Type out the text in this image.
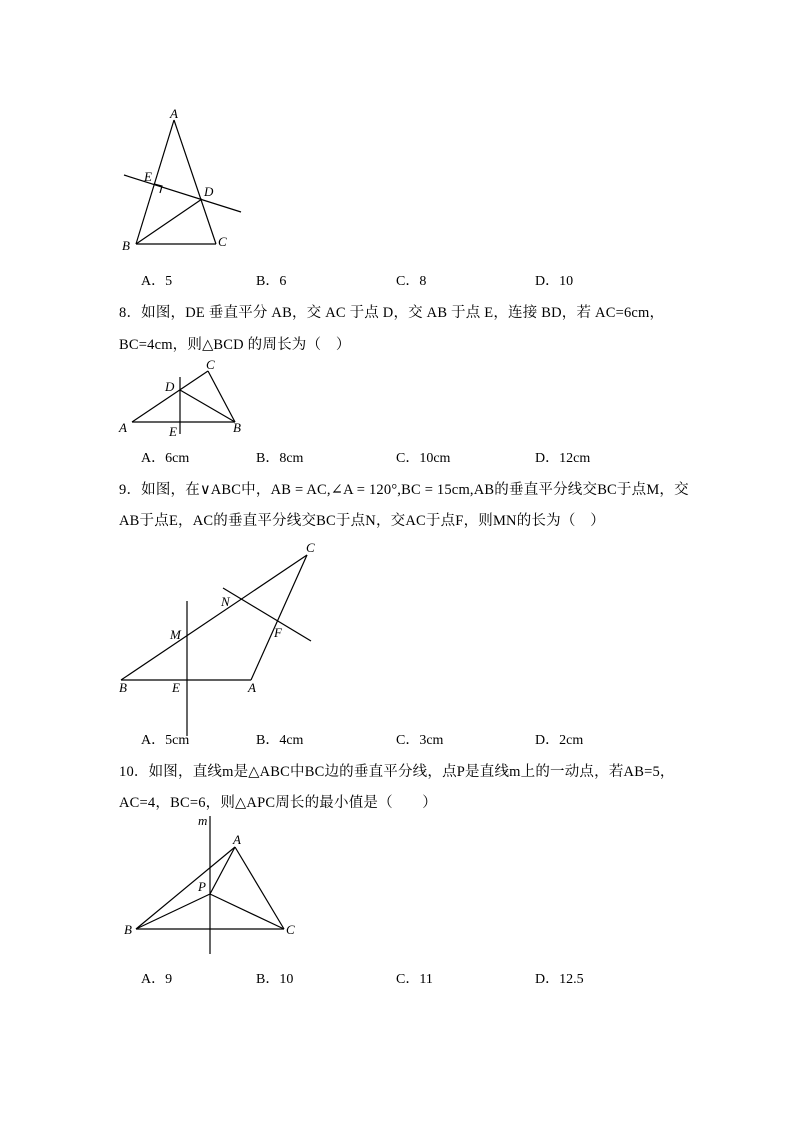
A
E
D
B	C
A．5	B．6	C．8	D．10
8．如图，DE 垂直平分 AB，交 AC 于点 D，交 AB 于点 E，连接 BD，若 AC=6cm，
BC=4cm，则△BCD 的周长为（　）
C
D
A	E	B
A．6cm	B．8cm	C．10cm	D．12cm
9．如图，在∨ABC中，AB = AC,∠A = 120°,BC = 15cm,AB的垂直平分线交BC于点M，交
AB于点E，AC的垂直平分线交BC于点N，交AC于点F，则MN的长为（　）
C
N
M	F
B	E	A
A．5cm	B．4cm	C．3cm	D．2cm
10．如图，直线m是△ABC中BC边的垂直平分线，点P是直线m上的一动点，若AB=5，
AC=4，BC=6，则△APC周长的最小值是（　　）
m
A
P
B	C
A．9	B．10	C．11	D．12.5
